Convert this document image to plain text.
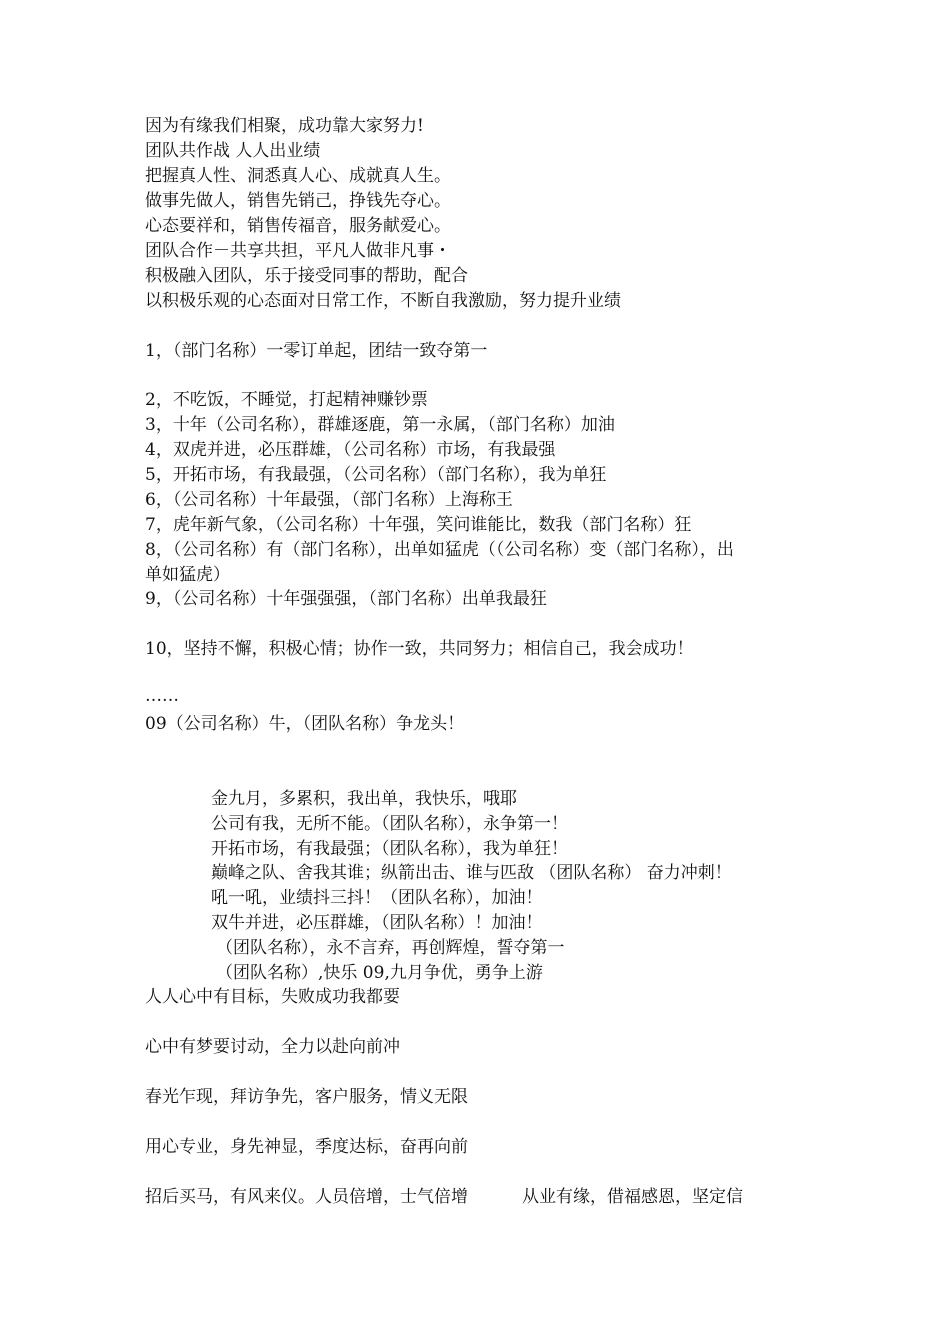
因为有缘我们相聚，成功靠大家努力!
团队共作战 人人出业绩
把握真人性、洞悉真人心、成就真人生。
做事先做人，销售先销己，挣钱先夺心。
心态要祥和，销售传福音，服务献爱心。
团队合作－共享共担，平凡人做非凡事・
积极融入团队，乐于接受同事的帮助，配合
以积极乐观的心态面对日常工作，不断自我激励，努力提升业绩
1，（部门名称）一零订单起，团结一致夺第一
2，不吃饭，不睡觉，打起精神赚钞票
3，十年（公司名称），群雄逐鹿，第一永属，（部门名称）加油
4，双虎并进，必压群雄，（公司名称）市场，有我最强
5，开拓市场，有我最强，（公司名称）（部门名称），我为单狂
6，（公司名称）十年最强，（部门名称）上海称王
7，虎年新气象，（公司名称）十年强，笑问谁能比，数我（部门名称）狂
8，（公司名称）有（部门名称），出单如猛虎（（公司名称）变（部门名称），出
单如猛虎）
9，（公司名称）十年强强强，（部门名称）出单我最狂
10，坚持不懈，积极心情；协作一致，共同努力；相信自己，我会成功！
……
09（公司名称）牛，（团队名称）争龙头！
金九月，多累积，我出单，我快乐，哦耶
公司有我，无所不能。（团队名称），永争第一！
开拓市场，有我最强；（团队名称），我为单狂！
巅峰之队、舍我其谁；纵箭出击、谁与匹敌 （团队名称） 奋力冲刺！
吼一吼，业绩抖三抖！（团队名称），加油！
双牛并进，必压群雄，（团队名称）！加油！
（团队名称），永不言弃，再创辉煌，誓夺第一
（团队名称）,快乐 09,九月争优，勇争上游
人人心中有目标，失败成功我都要
心中有梦要讨动，全力以赴向前冲
春光乍现，拜访争先，客户服务，情义无限
用心专业，身先神显，季度达标，奋再向前
招后买马，有风来仪。人员倍增，士气倍增          从业有缘，借福感恩，坚定信
